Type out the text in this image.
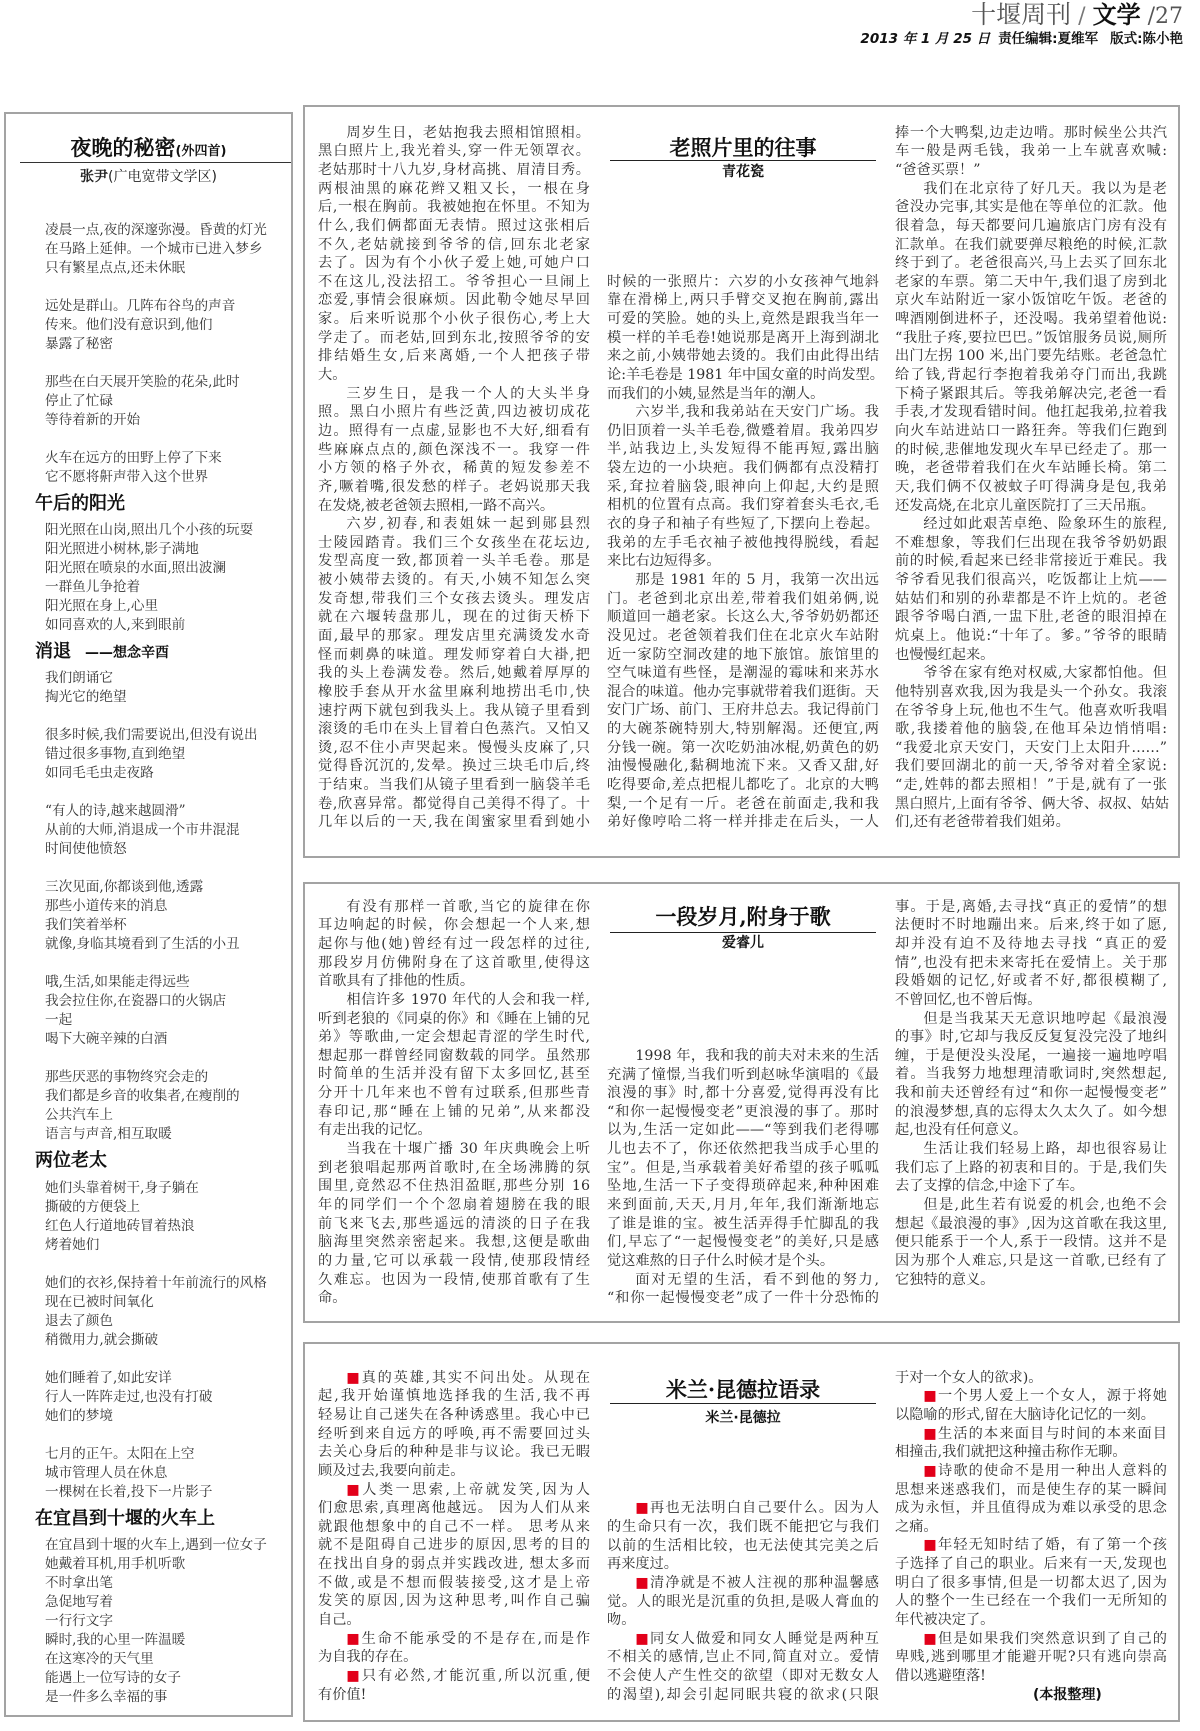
十堰周刊 / 文学 /27
2013 年 1 月 25 日 责任编辑:夏维军 版式:陈小艳
夜晚的秘密(外四首)
张尹(广电宽带文学区)
凌晨一点,夜的深邃弥漫。昏黄的灯光
在马路上延伸。一个城市已进入梦乡
只有繁星点点,还未休眠
远处是群山。几阵布谷鸟的声音
传来。他们没有意识到,他们
暴露了秘密
那些在白天展开笑脸的花朵,此时
停止了忙碌
等待着新的开始
火车在远方的田野上停了下来
它不愿将鼾声带入这个世界
午后的阳光
阳光照在山岗,照出几个小孩的玩耍
阳光照进小树林,影子满地
阳光照在喷泉的水面,照出波澜
一群鱼儿争抢着
阳光照在身上,心里
如同喜欢的人,来到眼前
消退 ——想念辛酉
我们朗诵它
掏光它的绝望
很多时候,我们需要说出,但没有说出
错过很多事物,直到绝望
如同毛毛虫走夜路
“有人的诗,越来越圆滑”
从前的大师,消退成一个市井混混
时间使他愤怒
三次见面,你都谈到他,透露
那些小道传来的消息
我们笑着举杯
就像,身临其境看到了生活的小丑
哦,生活,如果能走得远些
我会拉住你,在瓷器口的火锅店
一起
喝下大碗辛辣的白酒
那些厌恶的事物终究会走的
我们都是乡音的收集者,在瘦削的
公共汽车上
语言与声音,相互取暖
两位老太
她们头靠着树干,身子躺在
撕破的方便袋上
红色人行道地砖冒着热浪
烤着她们
她们的衣衫,保持着十年前流行的风格
现在已被时间氧化
退去了颜色
稍微用力,就会撕破
她们睡着了,如此安详
行人一阵阵走过,也没有打破
她们的梦境
七月的正午。太阳在上空
城市管理人员在休息
一棵树在长着,投下一片影子
在宜昌到十堰的火车上
在宜昌到十堰的火车上,遇到一位女子
她戴着耳机,用手机听歌
不时拿出笔
急促地写着
一行行文字
瞬时,我的心里一阵温暖
在这寒冷的天气里
能遇上一位写诗的女子
是一件多么幸福的事
周岁生日，老姑抱我去照相馆照相。
黑白照片上,我光着头,穿一件无领罩衣。
老姑那时十八九岁,身材高挑、眉清目秀。
两根油黑的麻花辫又粗又长，一根在身
后,一根在胸前。我被她抱在怀里。不知为
什么,我们俩都面无表情。照过这张相后
不久,老姑就接到爷爷的信,回东北老家
去了。因为有个小伙子爱上她,可她户口
不在这儿,没法招工。爷爷担心一旦闹上
恋爱,事情会很麻烦。因此勒令她尽早回
家。后来听说那个小伙子很伤心,考上大
学走了。而老姑,回到东北,按照爷爷的安
排结婚生女,后来离婚,一个人把孩子带
大。
三岁生日，是我一个人的大头半身
照。黑白小照片有些泛黄,四边被切成花
边。照得有一点虚,显影也不大好,细看有
些麻麻点点的,颜色深浅不一。我穿一件
小方领的格子外衣，稀黄的短发参差不
齐,噘着嘴,很发愁的样子。老妈说那天我
在发烧,被老爸领去照相,一路不高兴。
六岁,初春,和表姐妹一起到郧县烈
士陵园踏青。我们三个女孩坐在花坛边,
发型高度一致,都顶着一头羊毛卷。那是
被小姨带去烫的。有天,小姨不知怎么突
发奇想,带我们三个女孩去烫头。理发店
就在六堰转盘那儿，现在的过街天桥下
面,最早的那家。理发店里充满烫发水奇
怪而刺鼻的味道。理发师穿着白大褂,把
我的头上卷满发卷。然后,她戴着厚厚的
橡胶手套从开水盆里麻利地捞出毛巾,快
速拧两下就包到我头上。我从镜子里看到
滚烫的毛巾在头上冒着白色蒸汽。又怕又
烫,忍不住小声哭起来。慢慢头皮麻了,只
觉得昏沉沉的,发晕。换过三块毛巾后,终
于结束。当我们从镜子里看到一脑袋羊毛
卷,欣喜异常。都觉得自己美得不得了。十
几年以后的一天,我在闺蜜家里看到她小
老照片里的往事
青花瓷
时候的一张照片：六岁的小女孩神气地斜
靠在滑梯上,两只手臂交叉抱在胸前,露出
可爱的笑脸。她的头上,竟然是跟我当年一
模一样的羊毛卷!她说那是离开上海到湖北
来之前,小姨带她去烫的。我们由此得出结
论:羊毛卷是 1981 年中国女童的时尚发型。
而我们的小姨,显然是当年的潮人。
六岁半,我和我弟站在天安门广场。我
仍旧顶着一头羊毛卷,微蹙着眉。我弟四岁
半,站我边上,头发短得不能再短,露出脑
袋左边的一小块疤。我们俩都有点没精打
采,耷拉着脑袋,眼神向上仰起,大约是照
相机的位置有点高。我们穿着套头毛衣,毛
衣的身子和袖子有些短了,下摆向上卷起。
我弟的左手毛衣袖子被他拽得脱线，看起
来比右边短得多。
那是 1981 年的 5 月，我第一次出远
门。老爸到北京出差,带着我们姐弟俩,说
顺道回一趟老家。长这么大,爷爷奶奶都还
没见过。老爸领着我们住在北京火车站附
近一家防空洞改建的地下旅馆。旅馆里的
空气味道有些怪，是潮湿的霉味和来苏水
混合的味道。他办完事就带着我们逛街。天
安门广场、前门、王府井总去。我记得前门
的大碗茶碗特别大,特别解渴。还便宜,两
分钱一碗。第一次吃奶油冰棍,奶黄色的奶
油慢慢融化,黏稠地流下来。又香又甜,好
吃得要命,差点把棍儿都吃了。北京的大鸭
梨,一个足有一斤。老爸在前面走,我和我
弟好像哼哈二将一样并排走在后头，一人
捧一个大鸭梨,边走边啃。那时候坐公共汽
车一般是两毛钱，我弟一上车就喜欢喊:
“爸爸买票！”
我们在北京待了好几天。我以为是老
爸没办完事,其实是他在等单位的汇款。他
很着急，每天都要问几遍旅店门房有没有
汇款单。在我们就要弹尽粮绝的时候,汇款
终于到了。老爸很高兴,马上去买了回东北
老家的车票。第二天中午,我们退了房到北
京火车站附近一家小饭馆吃午饭。老爸的
啤酒刚倒进杯子，还没喝。我弟望着他说:
“我肚子疼,要拉巴巴。”饭馆服务员说,厕所
出门左拐 100 米,出门要先结账。老爸急忙
给了钱,背起行李抱着我弟夺门而出,我跳
下椅子紧跟其后。等我弟解决完,老爸一看
手表,才发现看错时间。他扛起我弟,拉着我
向火车站进站口一路狂奔。等我们仨跑到
的时候,悲催地发现火车早已经走了。那一
晚，老爸带着我们在火车站睡长椅。第二
天,我们俩不仅被蚊子叮得满身是包,我弟
还发高烧,在北京儿童医院打了三天吊瓶。
经过如此艰苦卓绝、险象环生的旅程,
不难想象，等我们仨出现在我爷爷奶奶跟
前的时候,看起来已经非常接近于难民。我
爷爷看见我们很高兴，吃饭都让上炕——
姑姑们和别的孙辈都是不许上炕的。老爸
跟爷爷喝白酒,一盅下肚,老爸的眼泪掉在
炕桌上。他说:“十年了。爹。”爷爷的眼睛
也慢慢红起来。
爷爷在家有绝对权威,大家都怕他。但
他特别喜欢我,因为我是头一个孙女。我滚
在爷爷身上玩,他也不生气。他喜欢听我唱
歌,我搂着他的脑袋,在他耳朵边悄悄唱:
“我爱北京天安门，天安门上太阳升……”
我们要回湖北的前一天,爷爷对着全家说:
“走,姓韩的都去照相！”于是,就有了一张
黑白照片,上面有爷爷、俩大爷、叔叔、姑姑
们,还有老爸带着我们姐弟。
有没有那样一首歌,当它的旋律在你
耳边响起的时候，你会想起一个人来,想
起你与他(她)曾经有过一段怎样的过往,
那段岁月仿佛附身在了这首歌里,使得这
首歌具有了排他的性质。
相信许多 1970 年代的人会和我一样,
听到老狼的《同桌的你》和《睡在上铺的兄
弟》等歌曲,一定会想起青涩的学生时代,
想起那一群曾经同窗数载的同学。虽然那
时简单的生活并没有留下太多回忆,甚至
分开十几年来也不曾有过联系,但那些青
春印记,那“睡在上铺的兄弟”,从来都没
有走出我的记忆。
当我在十堰广播 30 年庆典晚会上听
到老狼唱起那两首歌时,在全场沸腾的氛
围里,竟然忍不住热泪盈眶,那些分别 16
年的同学们一个个忽扇着翅膀在我的眼
前飞来飞去,那些遥远的清淡的日子在我
脑海里突然亲密起来。我想,这便是歌曲
的力量,它可以承载一段情,使那段情经
久难忘。也因为一段情,使那首歌有了生
命。
一段岁月,附身于歌
爱睿儿
1998 年，我和我的前夫对未来的生活
充满了憧憬,当我们听到赵咏华演唱的《最
浪漫的事》时,都十分喜爱,觉得再没有比
“和你一起慢慢变老”更浪漫的事了。那时
以为,生活一定如此——“等到我们老得哪
儿也去不了，你还依然把我当成手心里的
宝”。但是,当承载着美好希望的孩子呱呱
坠地,生活一下子变得琐碎起来,种种困难
来到面前,天天,月月,年年,我们渐渐地忘
了谁是谁的宝。被生活弄得手忙脚乱的我
们,早忘了“一起慢慢变老”的美好,只是感
觉这难熬的日子什么时候才是个头。
面对无望的生活，看不到他的努力,
“和你一起慢慢变老”成了一件十分恐怖的
事。于是,离婚,去寻找“真正的爱情”的想
法便时不时地蹦出来。后来,终于如了愿,
却并没有迫不及待地去寻找 “真正的爱
情”,也没有把未来寄托在爱情上。关于那
段婚姻的记忆,好或者不好,都很模糊了,
不曾回忆,也不曾后悔。
但是当我某天无意识地哼起《最浪漫
的事》时,它却与我反反复复没完没了地纠
缠，于是便没头没尾，一遍接一遍地哼唱
着。当我努力地想理清歌词时,突然想起,
我和前夫还曾经有过“和你一起慢慢变老”
的浪漫梦想,真的忘得太久太久了。如今想
起,也没有任何意义。
生活让我们轻易上路，却也很容易让
我们忘了上路的初衷和目的。于是,我们失
去了支撑的信念,中途下了车。
但是,此生若有说爱的机会,也绝不会
想起《最浪漫的事》,因为这首歌在我这里,
便只能系于一个人,系于一段情。这并不是
因为那个人难忘,只是这一首歌,已经有了
它独特的意义。
■真的英雄,其实不问出处。从现在
起,我开始谨慎地选择我的生活,我不再
轻易让自己迷失在各种诱惑里。我心中已
经听到来自远方的呼唤,再不需要回过头
去关心身后的种种是非与议论。我已无暇
顾及过去,我要向前走。
■人类一思索,上帝就发笑,因为人
们愈思索,真理离他越远。 因为人们从来
就跟他想象中的自己不一样。 思考从来
就不是阻碍自己进步的原因,思考的目的
在找出自身的弱点并实践改进, 想太多而
不做,或是不想而假装接受,这才是上帝
发笑的原因,因为这种思考,叫作自己骗
自己。
■生命不能承受的不是存在,而是作
为自我的存在。
■只有必然,才能沉重,所以沉重,便
有价值!
米兰·昆德拉语录
米兰·昆德拉
■再也无法明白自己要什么。因为人
的生命只有一次，我们既不能把它与我们
以前的生活相比较，也无法使其完美之后
再来度过。
■清净就是不被人注视的那种温馨感
觉。人的眼光是沉重的负担,是吸人膏血的
吻。
■同女人做爱和同女人睡觉是两种互
不相关的感情,岂止不同,简直对立。爱情
不会使人产生性交的欲望（即对无数女人
的渴望),却会引起同眠共寝的欲求(只限
于对一个女人的欲求)。
■一个男人爱上一个女人，源于将她
以隐喻的形式,留在大脑诗化记忆的一刻。
■生活的本来面目与时间的本来面目
相撞击,我们就把这种撞击称作无聊。
■诗歌的使命不是用一种出人意料的
思想来迷惑我们，而是使生存的某一瞬间
成为永恒，并且值得成为难以承受的思念
之痛。
■年轻无知时结了婚，有了第一个孩
子选择了自己的职业。后来有一天,发现也
明白了很多事情,但是一切都太迟了,因为
人的整个一生已经在一个我们一无所知的
年代被决定了。
■但是如果我们突然意识到了自己的
卑贱,逃到哪里才能避开呢?只有逃向崇高
借以逃避堕落!
(本报整理)
